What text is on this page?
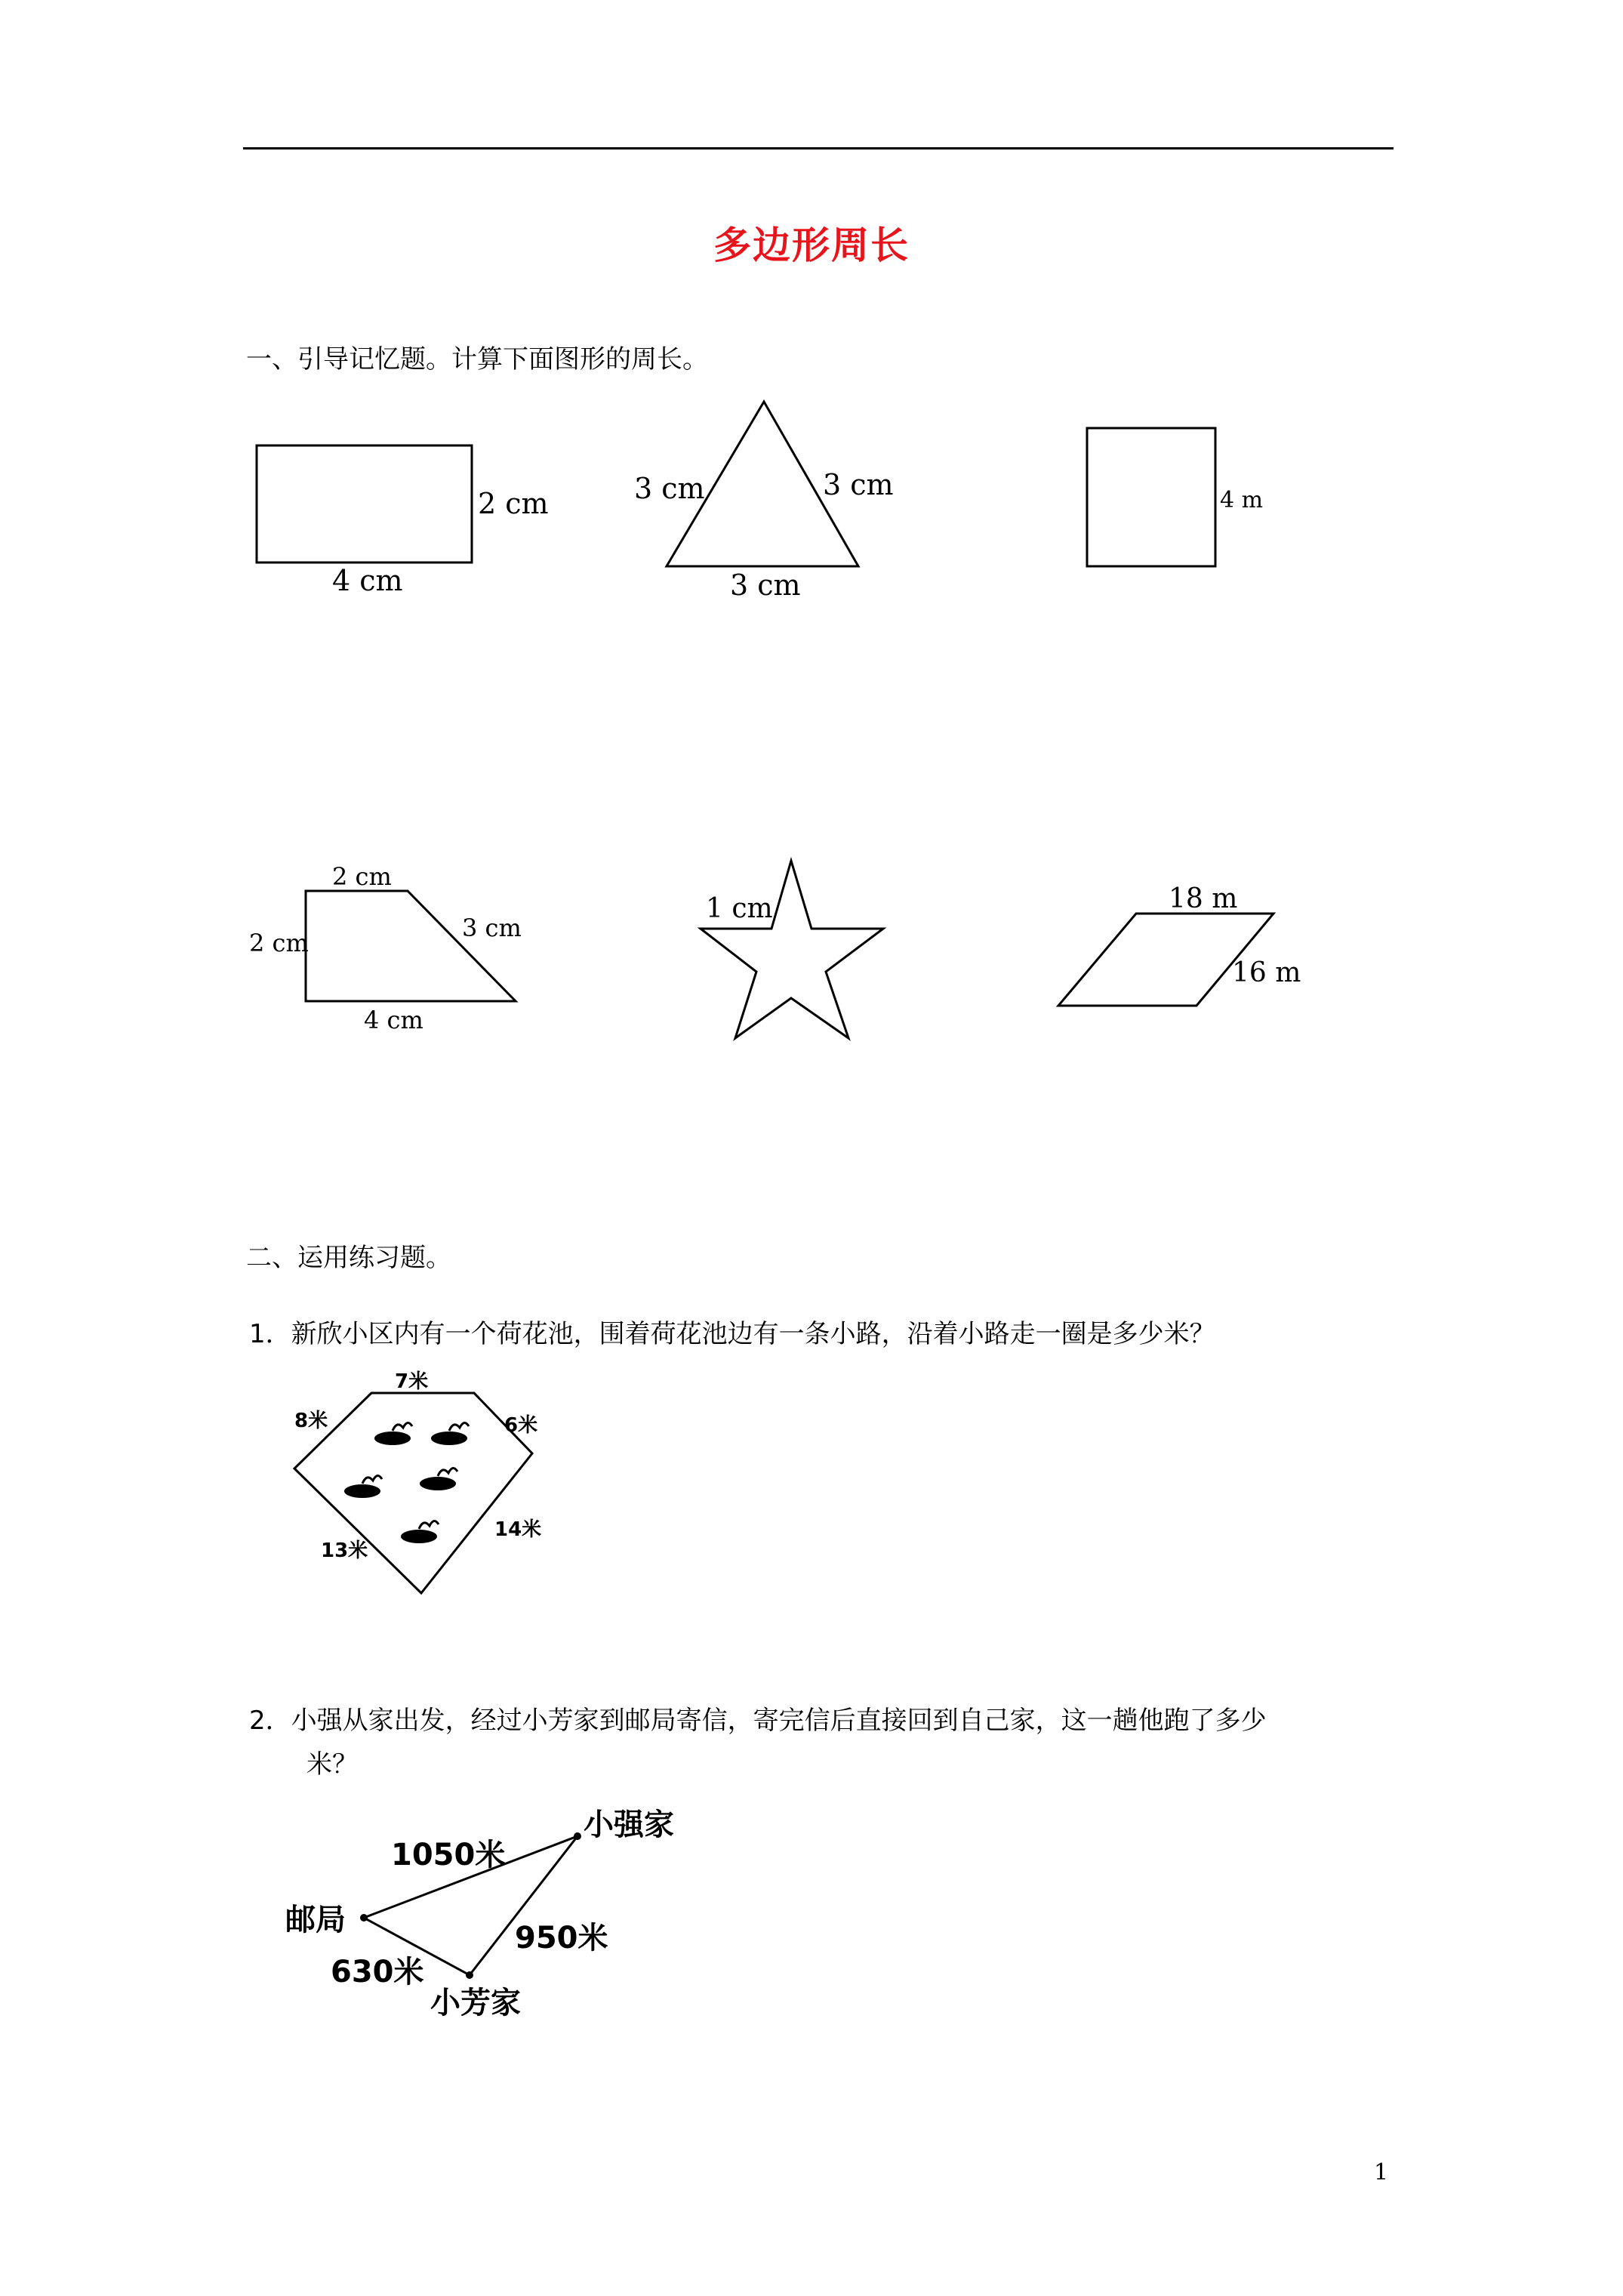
多边形周长
一、引导记忆题。计算下面图形的周长。
2 cm
4 cm
3 cm	3 cm
3 cm
4 m
2 cm
2 cm
3 cm
4 cm
1 cm	18 m
16 m
二、运用练习题。
1．新欣小区内有一个荷花池，围着荷花池边有一条小路，沿着小路走一圈是多少米？
7米
8米	6米
13米
14米
2．小强从家出发，经过小芳家到邮局寄信，寄完信后直接回到自己家，这一趟他跑了多少
米？
小强家
邮局
小芳家
1050米
950米
630米
1
